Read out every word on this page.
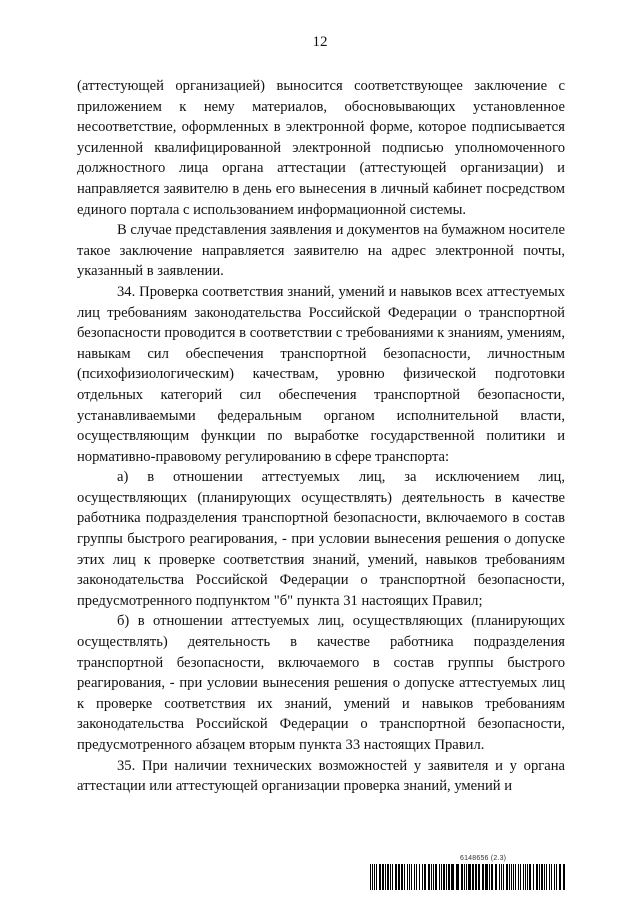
12

(аттестующей организацией) выносится соответствующее заключение с приложением к нему материалов, обосновывающих установленное несоответствие, оформленных в электронной форме, которое подписывается усиленной квалифицированной электронной подписью уполномоченного должностного лица органа аттестации (аттестующей организации) и направляется заявителю в день его вынесения в личный кабинет посредством единого портала с использованием информационной системы.

В случае представления заявления и документов на бумажном носителе такое заключение направляется заявителю на адрес электронной почты, указанный в заявлении.

34. Проверка соответствия знаний, умений и навыков всех аттестуемых лиц требованиям законодательства Российской Федерации о транспортной безопасности проводится в соответствии с требованиями к знаниям, умениям, навыкам сил обеспечения транспортной безопасности, личностным (психофизиологическим) качествам, уровню физической подготовки отдельных категорий сил обеспечения транспортной безопасности, устанавливаемыми федеральным органом исполнительной власти, осуществляющим функции по выработке государственной политики и нормативно-правовому регулированию в сфере транспорта:

а) в отношении аттестуемых лиц, за исключением лиц, осуществляющих (планирующих осуществлять) деятельность в качестве работника подразделения транспортной безопасности, включаемого в состав группы быстрого реагирования, - при условии вынесения решения о допуске этих лиц к проверке соответствия знаний, умений, навыков требованиям законодательства Российской Федерации о транспортной безопасности, предусмотренного подпунктом "б" пункта 31 настоящих Правил;

б) в отношении аттестуемых лиц, осуществляющих (планирующих осуществлять) деятельность в качестве работника подразделения транспортной безопасности, включаемого в состав группы быстрого реагирования, - при условии вынесения решения о допуске аттестуемых лиц к проверке соответствия их знаний, умений и навыков требованиям законодательства Российской Федерации о транспортной безопасности, предусмотренного абзацем вторым пункта 33 настоящих Правил.

35. При наличии технических возможностей у заявителя и у органа аттестации или аттестующей организации проверка знаний, умений и

6148656 (2.3)
